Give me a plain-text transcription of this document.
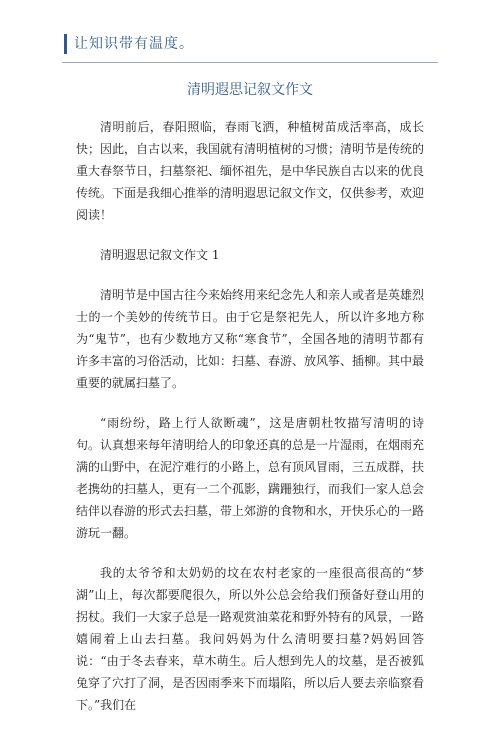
让知识带有温度。
清明遐思记叙文作文

清明前后，春阳照临，春雨飞洒，种植树苗成活率高，成长快；因此，自古以来，我国就有清明植树的习惯；清明节是传统的重大春祭节日，扫墓祭祀、缅怀祖先，是中华民族自古以来的优良传统。下面是我细心推举的清明遐思记叙文作文，仅供参考，欢迎阅读！

清明遐思记叙文作文 1

清明节是中国古往今来始终用来纪念先人和亲人或者是英雄烈士的一个美妙的传统节日。由于它是祭祀先人，所以许多地方称为“鬼节”，也有少数地方又称“寒食节”，全国各地的清明节都有许多丰富的习俗活动，比如：扫墓、春游、放风筝、插柳。其中最重要的就属扫墓了。

“雨纷纷，路上行人欲断魂”，这是唐朝杜牧描写清明的诗句。认真想来每年清明给人的印象还真的总是一片湿雨，在烟雨充满的山野中，在泥泞难行的小路上，总有顶风冒雨，三五成群，扶老携幼的扫墓人，更有一二个孤影，蹒跚独行，而我们一家人总会结伴以春游的形式去扫墓，带上郊游的食物和水，开快乐心的一路游玩一翻。

我的太爷爷和太奶奶的坟在农村老家的一座很高很高的“梦湖”山上，每次都要爬很久，所以外公总会给我们预备好登山用的拐杖。我们一大家子总是一路观赏油菜花和野外特有的风景，一路嬉闹着上山去扫墓。我问妈妈为什么清明要扫墓?妈妈回答说：“由于冬去春来，草木萌生。后人想到先人的坟墓，是否被狐兔穿了穴打了洞，是否因雨季来下而塌陷，所以后人要去亲临察看下。”我们在
